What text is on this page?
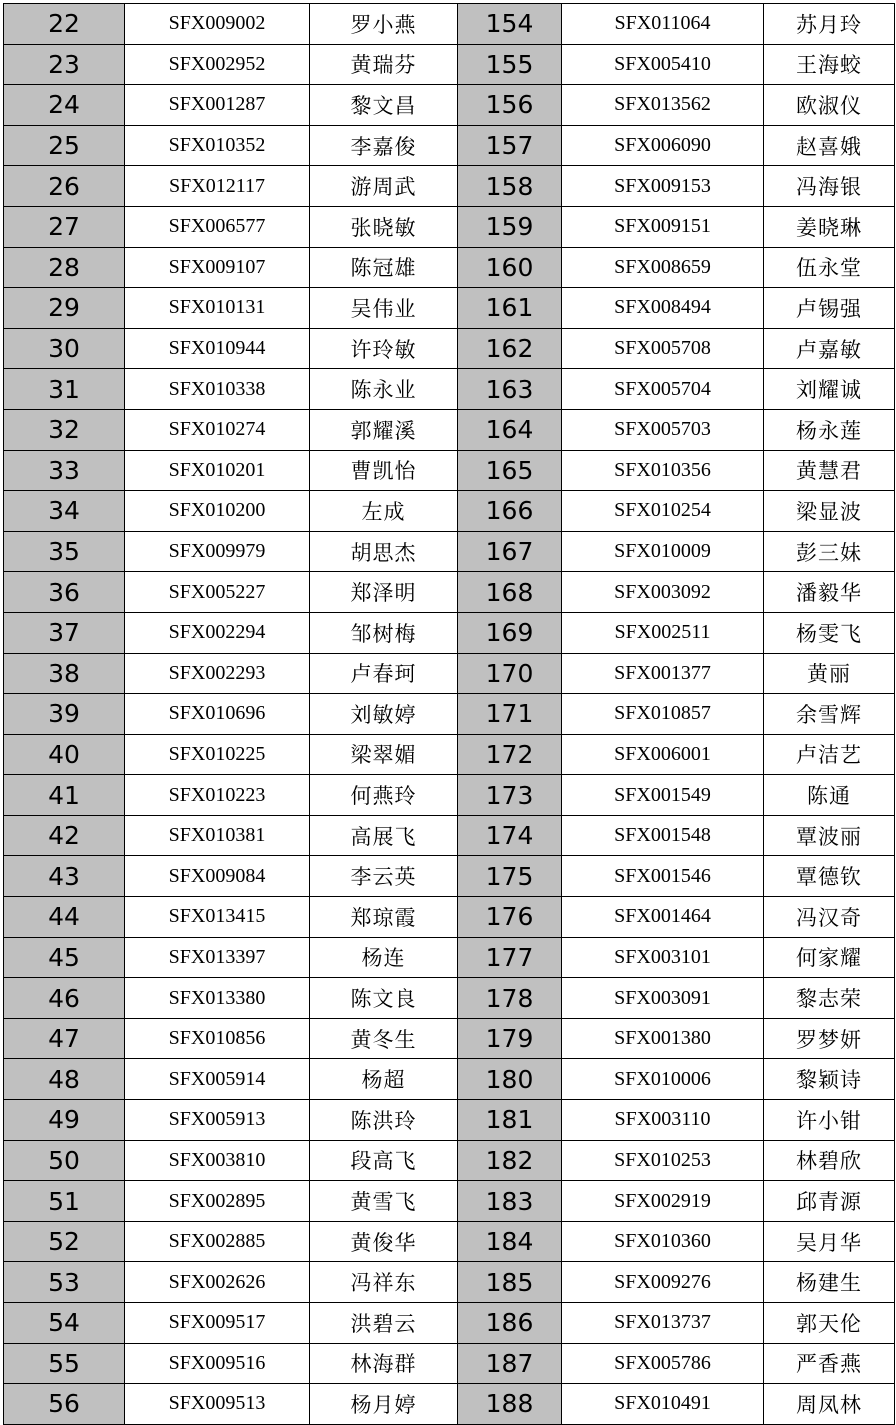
22	SFX009002	罗小燕	154	SFX011064	苏月玲
23	SFX002952	黄瑞芬	155	SFX005410	王海蛟
24	SFX001287	黎文昌	156	SFX013562	欧淑仪
25	SFX010352	李嘉俊	157	SFX006090	赵喜娥
26	SFX012117	游周武	158	SFX009153	冯海银
27	SFX006577	张晓敏	159	SFX009151	姜晓琳
28	SFX009107	陈冠雄	160	SFX008659	伍永堂
29	SFX010131	吴伟业	161	SFX008494	卢锡强
30	SFX010944	许玲敏	162	SFX005708	卢嘉敏
31	SFX010338	陈永业	163	SFX005704	刘耀诚
32	SFX010274	郭耀溪	164	SFX005703	杨永莲
33	SFX010201	曹凯怡	165	SFX010356	黄慧君
34	SFX010200	左成	166	SFX010254	梁显波
35	SFX009979	胡思杰	167	SFX010009	彭三妹
36	SFX005227	郑泽明	168	SFX003092	潘毅华
37	SFX002294	邹树梅	169	SFX002511	杨雯飞
38	SFX002293	卢春珂	170	SFX001377	黄丽
39	SFX010696	刘敏婷	171	SFX010857	余雪辉
40	SFX010225	梁翠媚	172	SFX006001	卢洁艺
41	SFX010223	何燕玲	173	SFX001549	陈通
42	SFX010381	高展飞	174	SFX001548	覃波丽
43	SFX009084	李云英	175	SFX001546	覃德钦
44	SFX013415	郑琼霞	176	SFX001464	冯汉奇
45	SFX013397	杨连	177	SFX003101	何家耀
46	SFX013380	陈文良	178	SFX003091	黎志荣
47	SFX010856	黄冬生	179	SFX001380	罗梦妍
48	SFX005914	杨超	180	SFX010006	黎颖诗
49	SFX005913	陈洪玲	181	SFX003110	许小钳
50	SFX003810	段高飞	182	SFX010253	林碧欣
51	SFX002895	黄雪飞	183	SFX002919	邱青源
52	SFX002885	黄俊华	184	SFX010360	吴月华
53	SFX002626	冯祥东	185	SFX009276	杨建生
54	SFX009517	洪碧云	186	SFX013737	郭天伦
55	SFX009516	林海群	187	SFX005786	严香燕
56	SFX009513	杨月婷	188	SFX010491	周凤林
